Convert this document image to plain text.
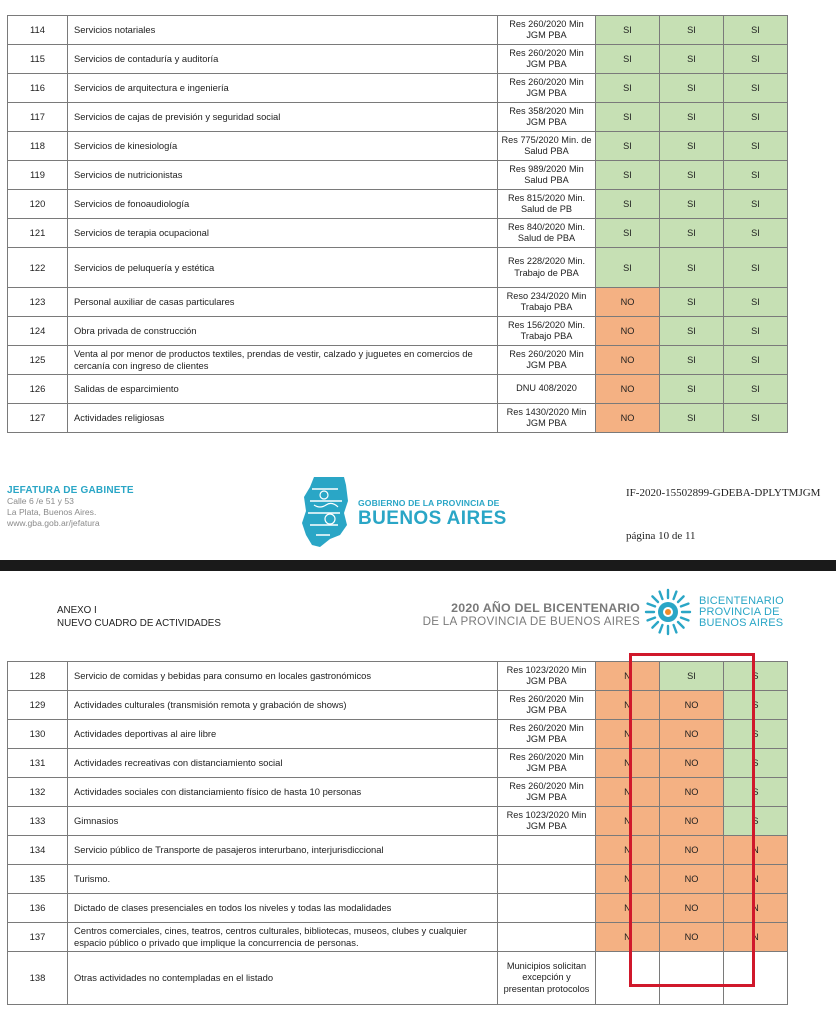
114	Servicios notariales	Res 260/2020 Min JGM PBA	SI	SI	SI
115	Servicios de contaduría y auditoría	Res 260/2020 Min JGM PBA	SI	SI	SI
116	Servicios de arquitectura e ingeniería	Res 260/2020 Min JGM PBA	SI	SI	SI
117	Servicios de cajas de previsión y seguridad social	Res 358/2020 Min JGM PBA	SI	SI	SI
118	Servicios de kinesiología	Res 775/2020 Min. de Salud PBA	SI	SI	SI
119	Servicios de nutricionistas	Res 989/2020 Min Salud PBA	SI	SI	SI
120	Servicios de fonoaudiología	Res 815/2020 Min. Salud de PB	SI	SI	SI
121	Servicios de terapia ocupacional	Res 840/2020 Min. Salud de PBA	SI	SI	SI
122	Servicios de peluquería y estética	Res 228/2020 Min. Trabajo de PBA	SI	SI	SI
123	Personal auxiliar de casas particulares	Reso 234/2020 Min Trabajo PBA	NO	SI	SI
124	Obra privada de construcción	Res 156/2020 Min. Trabajo PBA	NO	SI	SI
125	Venta al por menor de productos textiles, prendas de vestir, calzado y juguetes en comercios de cercanía con ingreso de clientes	Res 260/2020 Min JGM PBA	NO	SI	SI
126	Salidas de esparcimiento	DNU 408/2020	NO	SI	SI
127	Actividades religiosas	Res 1430/2020 Min JGM PBA	NO	SI	SI
JEFATURA DE GABINETE
Calle 6 /e 51 y 53
La Plata, Buenos Aires.
www.gba.gob.ar/jefatura
GOBIERNO DE LA PROVINCIA DE
BUENOS AIRES
IF-2020-15502899-GDEBA-DPLYTMJGM
página 10 de 11
ANEXO I
NUEVO CUADRO DE ACTIVIDADES
2020 AÑO DEL BICENTENARIO
DE LA PROVINCIA DE BUENOS AIRES
BICENTENARIO
PROVINCIA DE
BUENOS AIRES
128	Servicio de comidas y bebidas para consumo en locales gastronómicos	Res 1023/2020 Min JGM PBA	N	SI	S
129	Actividades culturales (transmisión remota y grabación de shows)	Res 260/2020 Min JGM PBA	N	NO	S
130	Actividades deportivas al aire libre	Res 260/2020 Min JGM PBA	N	NO	S
131	Actividades recreativas con distanciamiento social	Res 260/2020 Min JGM PBA	N	NO	S
132	Actividades sociales con distanciamiento físico de hasta 10 personas	Res 260/2020 Min JGM PBA	N	NO	S
133	Gimnasios	Res 1023/2020 Min JGM PBA	N	NO	S
134	Servicio público de Transporte de pasajeros interurbano, interjurisdiccional		N	NO	N
135	Turismo.		N	NO	N
136	Dictado de clases presenciales en todos los niveles y todas las modalidades		N	NO	N
137	Centros comerciales, cines, teatros, centros culturales, bibliotecas, museos, clubes y cualquier espacio público o privado que implique la concurrencia de personas.		N	NO	N
138	Otras actividades no contempladas en el listado	Municipios solicitan excepción y presentan protocolos			
